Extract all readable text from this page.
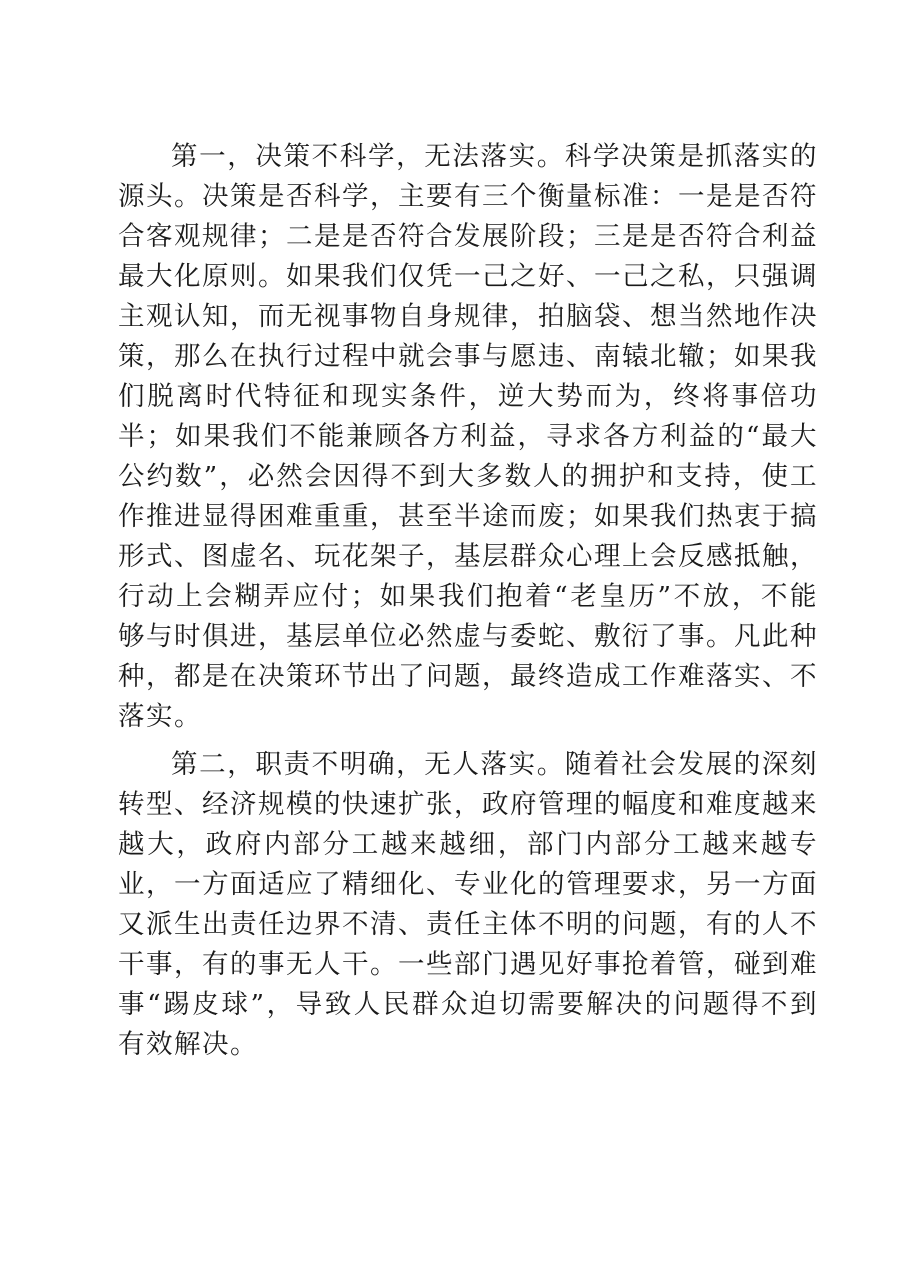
第一，决策不科学，无法落实。科学决策是抓落实的源头。决策是否科学，主要有三个衡量标准：一是是否符合客观规律；二是是否符合发展阶段；三是是否符合利益最大化原则。如果我们仅凭一己之好、一己之私，只强调主观认知，而无视事物自身规律，拍脑袋、想当然地作决策，那么在执行过程中就会事与愿违、南辕北辙；如果我们脱离时代特征和现实条件，逆大势而为，终将事倍功半；如果我们不能兼顾各方利益，寻求各方利益的“最大公约数”，必然会因得不到大多数人的拥护和支持，使工作推进显得困难重重，甚至半途而废；如果我们热衷于搞形式、图虚名、玩花架子，基层群众心理上会反感抵触，行动上会糊弄应付；如果我们抱着“老皇历”不放，不能够与时俱进，基层单位必然虚与委蛇、敷衍了事。凡此种种，都是在决策环节出了问题，最终造成工作难落实、不落实。

第二，职责不明确，无人落实。随着社会发展的深刻转型、经济规模的快速扩张，政府管理的幅度和难度越来越大，政府内部分工越来越细，部门内部分工越来越专业，一方面适应了精细化、专业化的管理要求，另一方面又派生出责任边界不清、责任主体不明的问题，有的人不干事，有的事无人干。一些部门遇见好事抢着管，碰到难事“踢皮球”，导致人民群众迫切需要解决的问题得不到有效解决。
